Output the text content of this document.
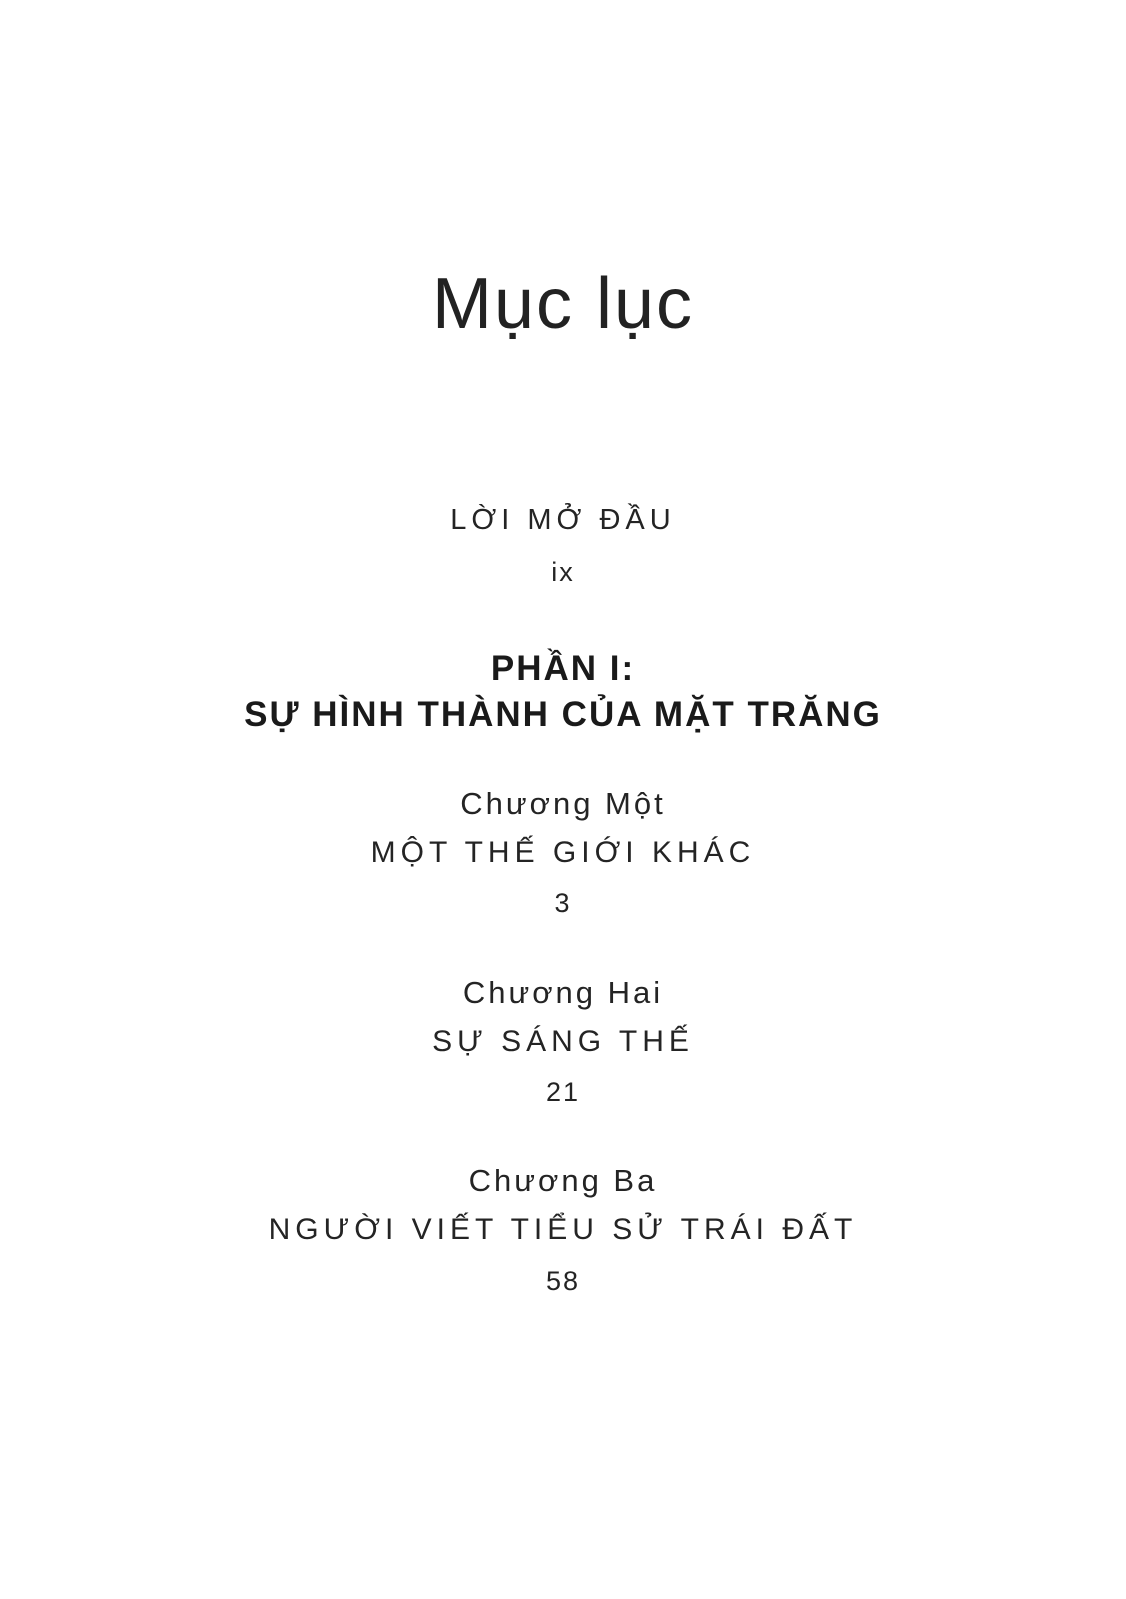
Mục lục
LỜI MỞ ĐẦU
ix
PHẦN I:
SỰ HÌNH THÀNH CỦA MẶT TRĂNG
Chương Một
MỘT THẾ GIỚI KHÁC
3
Chương Hai
SỰ SÁNG THẾ
21
Chương Ba
NGƯỜI VIẾT TIỂU SỬ TRÁI ĐẤT
58
